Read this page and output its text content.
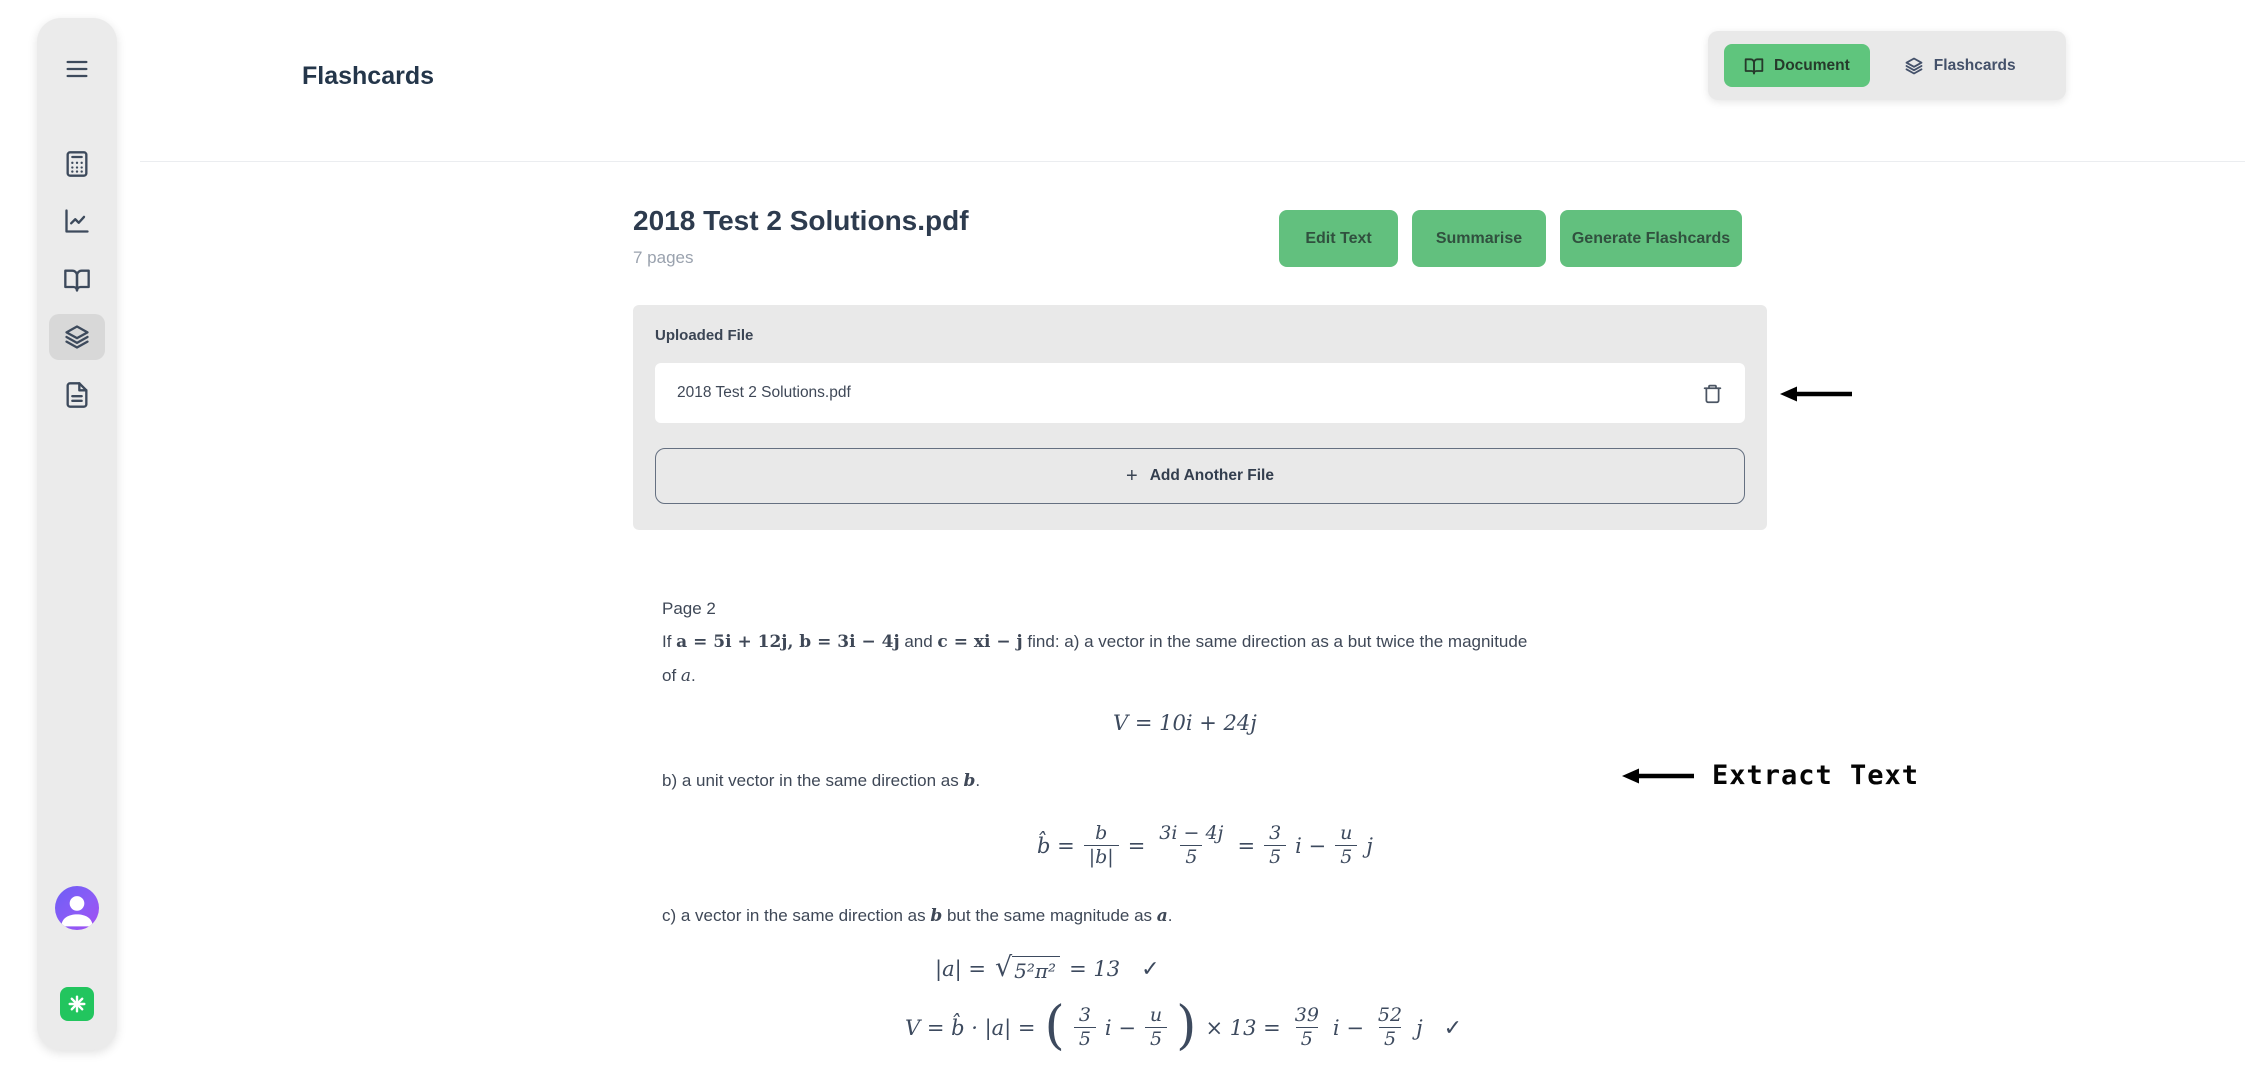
Flashcards	Document	Flashcards
2018 Test 2 Solutions.pdf
7 pages
Edit Text	Summarise	Generate Flashcards
Uploaded File
2018 Test 2 Solutions.pdf
+ Add Another File
Page 2
If a = 5i + 12j, b = 3i − 4j and c = xi − j find: a) a vector in the same direction as a but twice the magnitude
of a.
V = 10i + 24j
b) a unit vector in the same direction as b.
b̂ = $\frac{b}{|b|} = \frac{3i - 4j}{5} = \frac{3}{5}$ $i - \frac{u}{5}$ j
c) a vector in the same direction as b but the same magnitude as a.
|a| = √ 5²π² = 13 ✓
V = b̂ · |a| = ( $\frac{3}{5}$ $i - \frac{u}{5}$ ) × $13 = \frac{39}{5}$ $i - \frac{52}{5}$ j ✓
Extract Text
